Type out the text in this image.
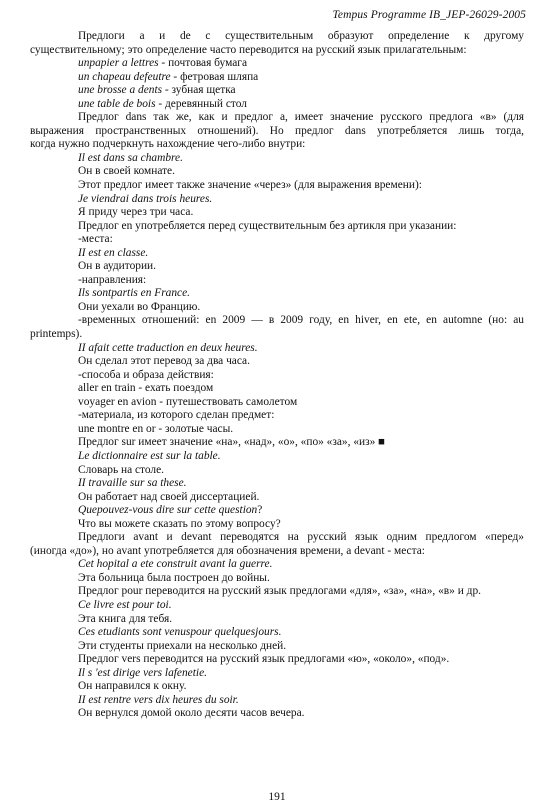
Tempus Programme IB_JEP-26029-2005
Предлоги а и de с существительным образуют определение к другому
существительному; это определение часто переводится на русский язык прилагательным:
unpapier a lettres - почтовая бумага
un chapeau defeutre - фетровая шляпа
une brosse a dents - зубная щетка
une table de bois - деревянный стол
Предлог dans так же, как и предлог а, имеет значение русского предлога «в» (для
выражения пространственных отношений). Но предлог dans употребляется лишь тогда,
когда нужно подчеркнуть нахождение чего-либо внутри:
Il est dans sa chambre.
Он в своей комнате.
Этот предлог имеет также значение «через» (для выражения времени):
Je viendrai dans trois heures.
Я приду через три часа.
Предлог en употребляется перед существительным без артикля при указании:
-места:
II est en classe.
Он в аудитории.
-направления:
Ils sontpartis en France.
Они уехали во Францию.
-временных отношений: en 2009 — в 2009 году, en hiver, en ete, en automne (но: au
printemps).
II afait cette traduction en deux heures.
Он сделал этот перевод за два часа.
-способа и образа действия:
aller en train - ехать поездом
voyager en avion - путешествовать самолетом
-материала, из которого сделан предмет:
une montre en or - золотые часы.
Предлог sur имеет значение «на», «над», «о», «по» «за», «из» ■
Le dictionnaire est sur la table.
Словарь на столе.
II travaille sur sa these.
Он работает над своей диссертацией.
Quepouvez-vous dire sur cette question?
Что вы можете сказать по этому вопросу?
Предлоги avant и devant переводятся на русский язык одним предлогом «перед»
(иногда «до»), но avant употребляется для обозначения времени, a devant - места:
Cet hopital a ete construit avant la guerre.
Эта больница была построен до войны.
Предлог pour переводится на русский язык предлогами «для», «за», «на», «в» и др.
Ce livre est pour toi.
Эта книга для тебя.
Ces etudiants sont venuspour quelquesjours.
Эти студенты приехали на несколько дней.
Предлог vers переводится на русский язык предлогами «ю», «около», «под».
Il s 'est dirige vers lafenetie.
Он направился к окну.
II est rentre vers dix heures du soir.
Он вернулся домой около десяти часов вечера.
191
